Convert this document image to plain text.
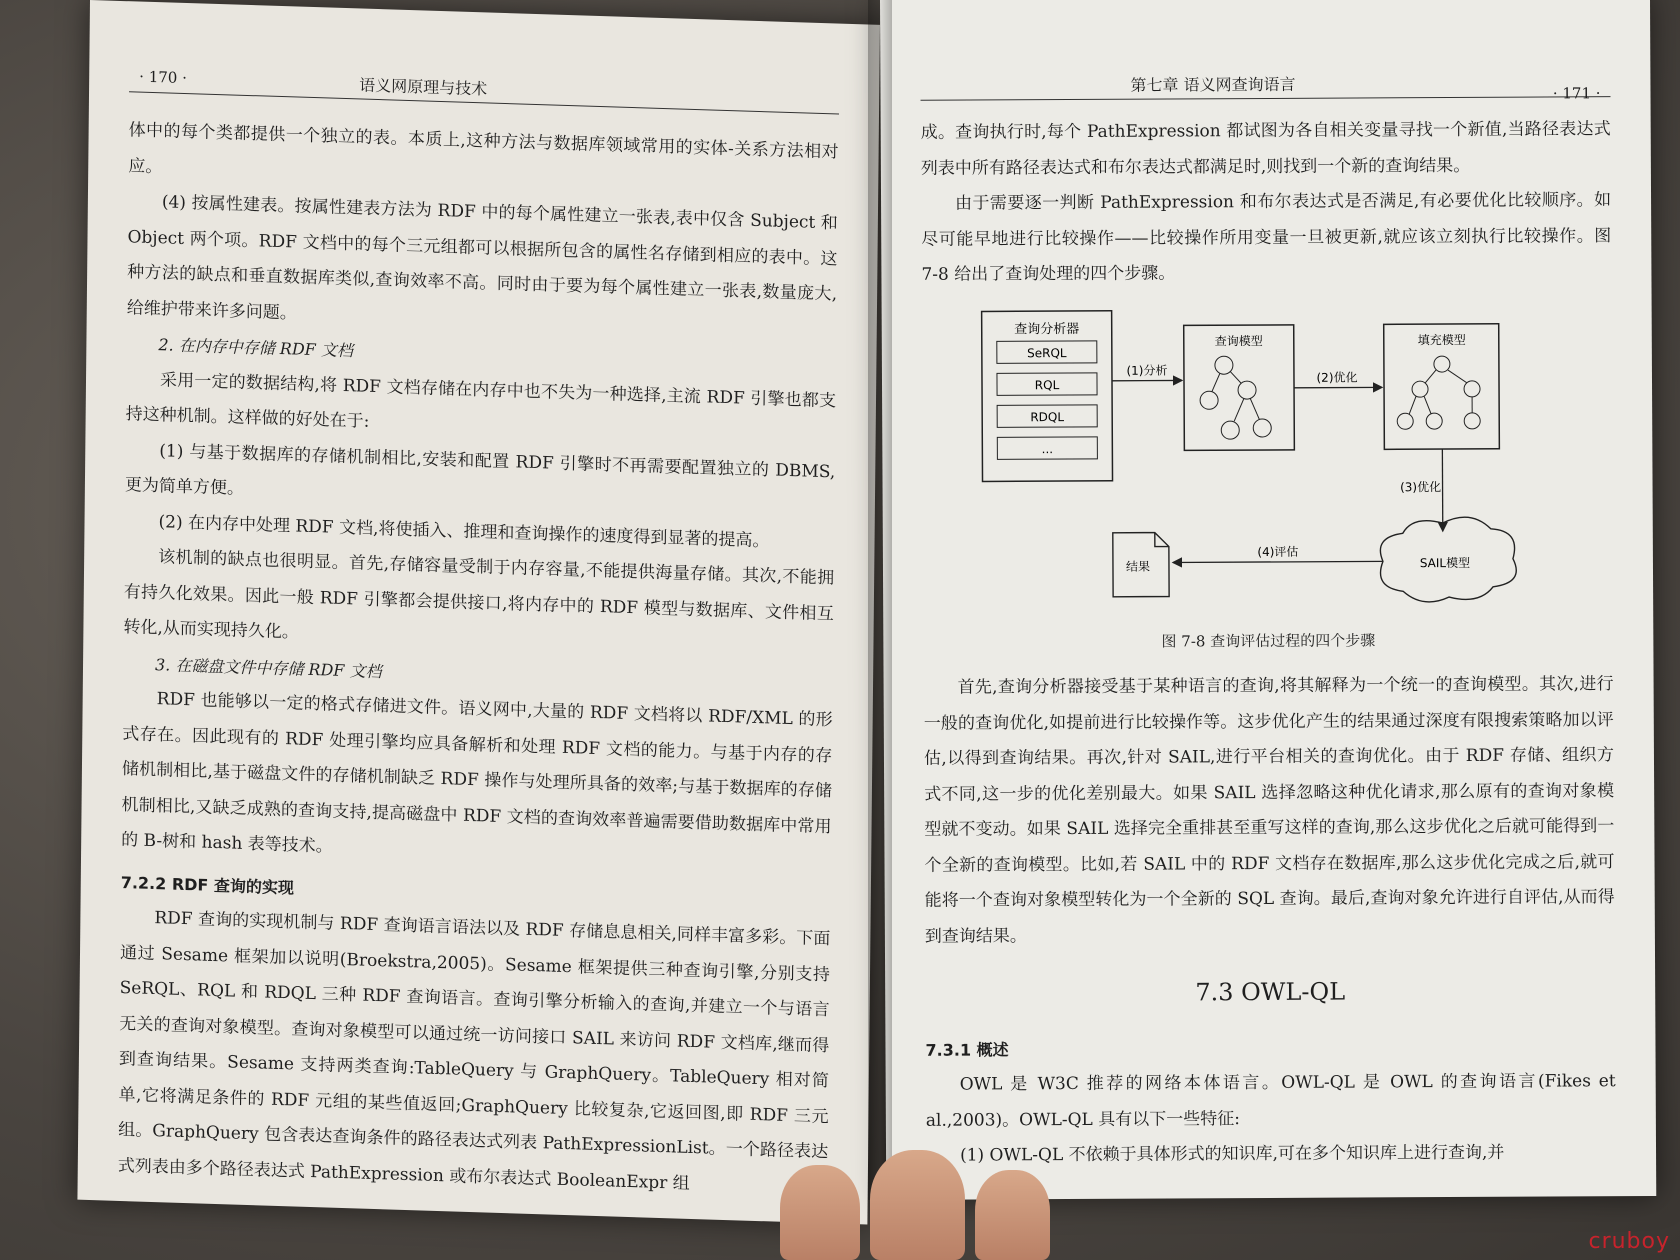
· 170 ·	语义网原理与技术

体中的每个类都提供一个独立的表。本质上,这种方法与数据库领域常用的实体-关系方法相对应。

(4) 按属性建表。按属性建表方法为 RDF 中的每个属性建立一张表,表中仅含 Subject 和 Object 两个项。RDF 文档中的每个三元组都可以根据所包含的属性名存储到相应的表中。这种方法的缺点和垂直数据库类似,查询效率不高。同时由于要为每个属性建立一张表,数量庞大,给维护带来许多问题。

2. 在内存中存储 RDF 文档

采用一定的数据结构,将 RDF 文档存储在内存中也不失为一种选择,主流 RDF 引擎也都支持这种机制。这样做的好处在于:

(1) 与基于数据库的存储机制相比,安装和配置 RDF 引擎时不再需要配置独立的 DBMS,更为简单方便。

(2) 在内存中处理 RDF 文档,将使插入、推理和查询操作的速度得到显著的提高。

该机制的缺点也很明显。首先,存储容量受制于内存容量,不能提供海量存储。其次,不能拥有持久化效果。因此一般 RDF 引擎都会提供接口,将内存中的 RDF 模型与数据库、文件相互转化,从而实现持久化。

3. 在磁盘文件中存储 RDF 文档

RDF 也能够以一定的格式存储进文件。语义网中,大量的 RDF 文档将以 RDF/XML 的形式存在。因此现有的 RDF 处理引擎均应具备解析和处理 RDF 文档的能力。与基于内存的存储机制相比,基于磁盘文件的存储机制缺乏 RDF 操作与处理所具备的效率;与基于数据库的存储机制相比,又缺乏成熟的查询支持,提高磁盘中 RDF 文档的查询效率普遍需要借助数据库中常用的 B-树和 hash 表等技术。

7.2.2 RDF 查询的实现

RDF 查询的实现机制与 RDF 查询语言语法以及 RDF 存储息息相关,同样丰富多彩。下面通过 Sesame 框架加以说明(Broekstra,2005)。Sesame 框架提供三种查询引擎,分别支持 SeRQL、RQL 和 RDQL 三种 RDF 查询语言。查询引擎分析输入的查询,并建立一个与语言无关的查询对象模型。查询对象模型可以通过统一访问接口 SAIL 来访问 RDF 文档库,继而得到查询结果。Sesame 支持两类查询:TableQuery 与 GraphQuery。TableQuery 相对简单,它将满足条件的 RDF 元组的某些值返回;GraphQuery 比较复杂,它返回图,即 RDF 三元组。GraphQuery 包含表达查询条件的路径表达式列表 PathExpressionList。一个路径表达式列表由多个路径表达式 PathExpression 或布尔表达式 BooleanExpr 组

第七章 语义网查询语言	· 171 ·

成。查询执行时,每个 PathExpression 都试图为各自相关变量寻找一个新值,当路径表达式列表中所有路径表达式和布尔表达式都满足时,则找到一个新的查询结果。

由于需要逐一判断 PathExpression 和布尔表达式是否满足,有必要优化比较顺序。如尽可能早地进行比较操作——比较操作所用变量一旦被更新,就应该立刻执行比较操作。图 7-8 给出了查询处理的四个步骤。

查询分析器
SeRQL
RQL
RDQL
...
(1)分析
查询模型
(2)优化
填充模型
(3)优化
SAIL模型
(4)评估
结果

图 7-8 查询评估过程的四个步骤

首先,查询分析器接受基于某种语言的查询,将其解释为一个统一的查询模型。其次,进行一般的查询优化,如提前进行比较操作等。这步优化产生的结果通过深度有限搜索策略加以评估,以得到查询结果。再次,针对 SAIL,进行平台相关的查询优化。由于 RDF 存储、组织方式不同,这一步的优化差别最大。如果 SAIL 选择忽略这种优化请求,那么原有的查询对象模型就不变动。如果 SAIL 选择完全重排甚至重写这样的查询,那么这步优化之后就可能得到一个全新的查询模型。比如,若 SAIL 中的 RDF 文档存在数据库,那么这步优化完成之后,就可能将一个查询对象模型转化为一个全新的 SQL 查询。最后,查询对象允许进行自评估,从而得到查询结果。

7.3 OWL-QL

7.3.1 概述

OWL 是 W3C 推荐的网络本体语言。OWL-QL 是 OWL 的查询语言(Fikes et al.,2003)。OWL-QL 具有以下一些特征:

(1) OWL-QL 不依赖于具体形式的知识库,可在多个知识库上进行查询,并

cruboy
